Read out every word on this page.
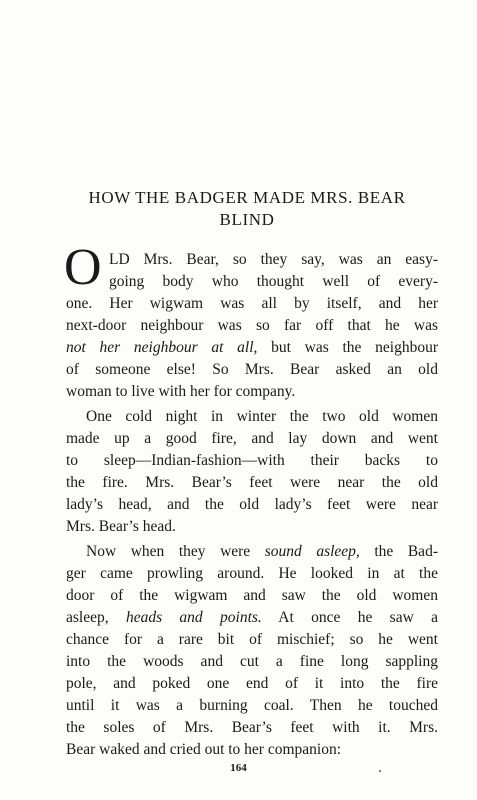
HOW THE BADGER MADE MRS. BEAR
BLIND
O LD Mrs. Bear, so they say, was an easy-
going body who thought well of every-
one. Her wigwam was all by itself, and her
next-door neighbour was so far off that he was
not her neighbour at all, but was the neighbour
of someone else! So Mrs. Bear asked an old
woman to live with her for company.
One cold night in winter the two old women
made up a good fire, and lay down and went
to sleep—Indian-fashion—with their backs to
the fire. Mrs. Bear’s feet were near the old
lady’s head, and the old lady’s feet were near
Mrs. Bear’s head.
Now when they were sound asleep, the Bad-
ger came prowling around. He looked in at the
door of the wigwam and saw the old women
asleep, heads and points. At once he saw a
chance for a rare bit of mischief; so he went
into the woods and cut a fine long sappling
pole, and poked one end of it into the fire
until it was a burning coal. Then he touched
the soles of Mrs. Bear’s feet with it. Mrs.
Bear waked and cried out to her companion:
164
